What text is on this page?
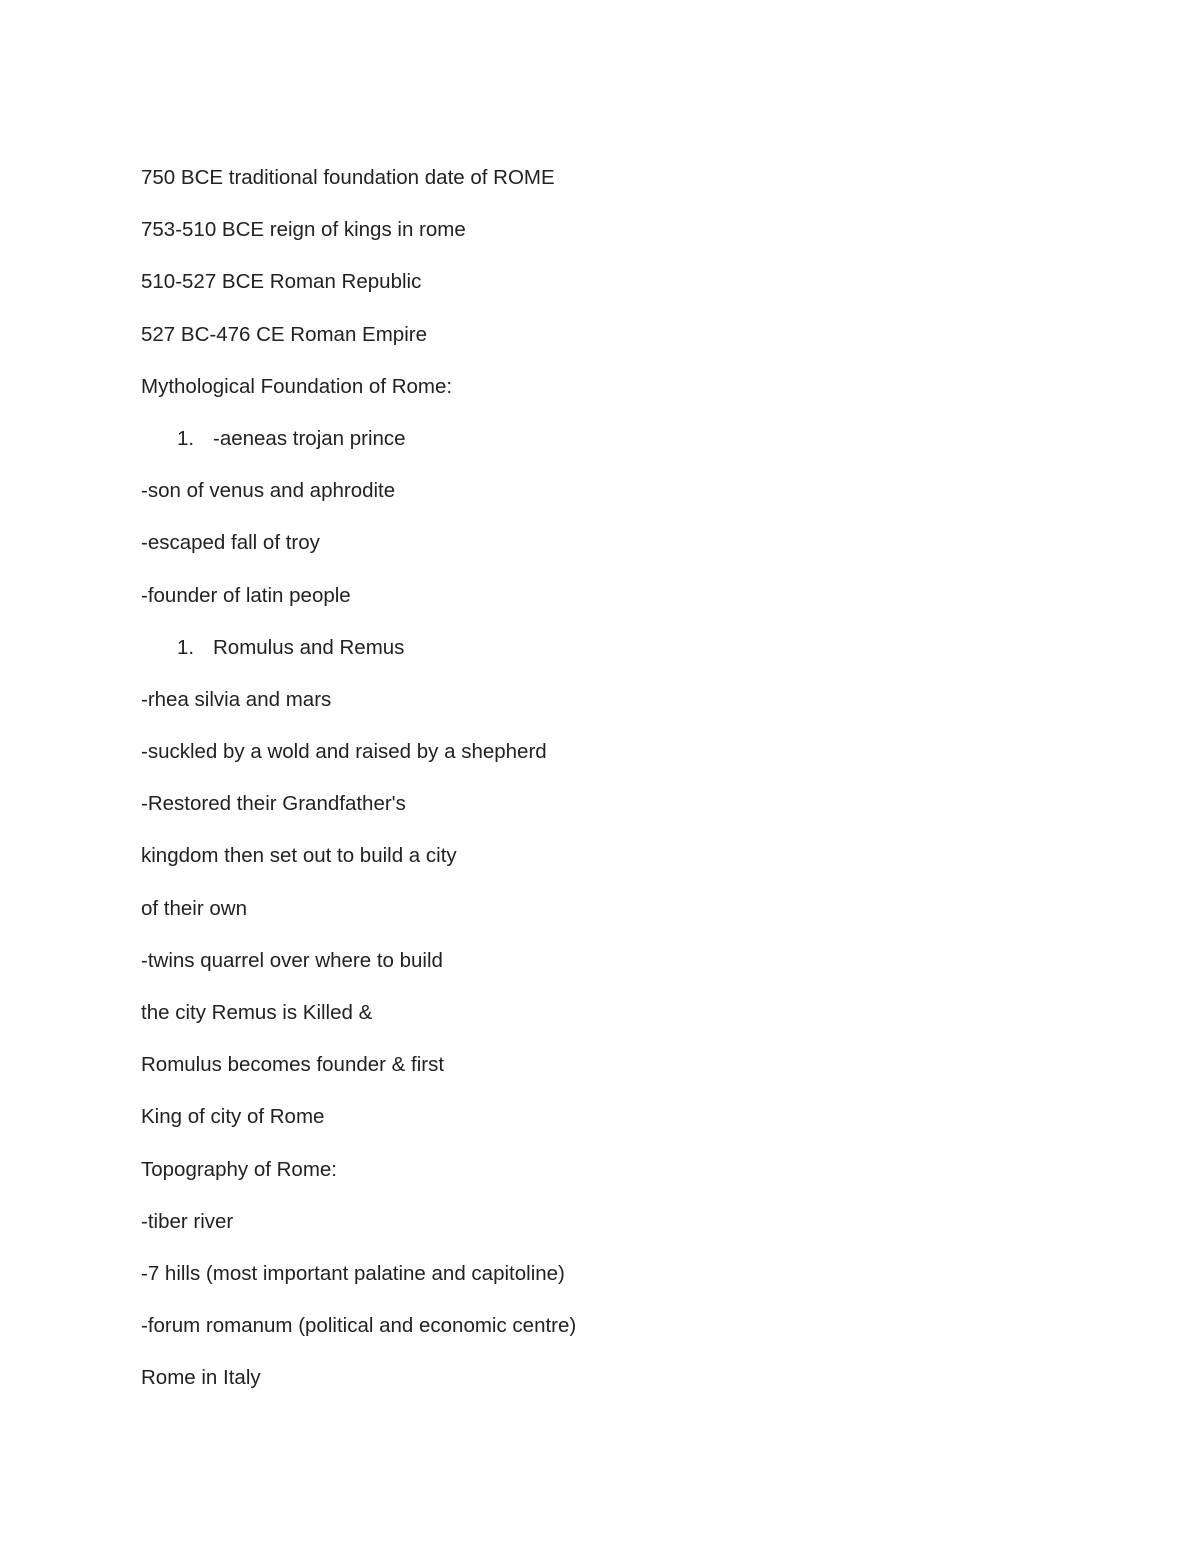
750 BCE traditional foundation date of ROME
753-510 BCE reign of kings in rome
510-527 BCE Roman Republic
527 BC-476 CE Roman Empire
Mythological Foundation of Rome:
1. -aeneas trojan prince
-son of venus and aphrodite
-escaped fall of troy
-founder of latin people
1. Romulus and Remus
-rhea silvia and mars
-suckled by a wold and raised by a shepherd
-Restored their Grandfather's
kingdom then set out to build a city
of their own
-twins quarrel over where to build
the city Remus is Killed &
Romulus becomes founder & first
King of city of Rome
Topography of Rome:
-tiber river
-7 hills (most important palatine and capitoline)
-forum romanum (political and economic centre)
Rome in Italy
